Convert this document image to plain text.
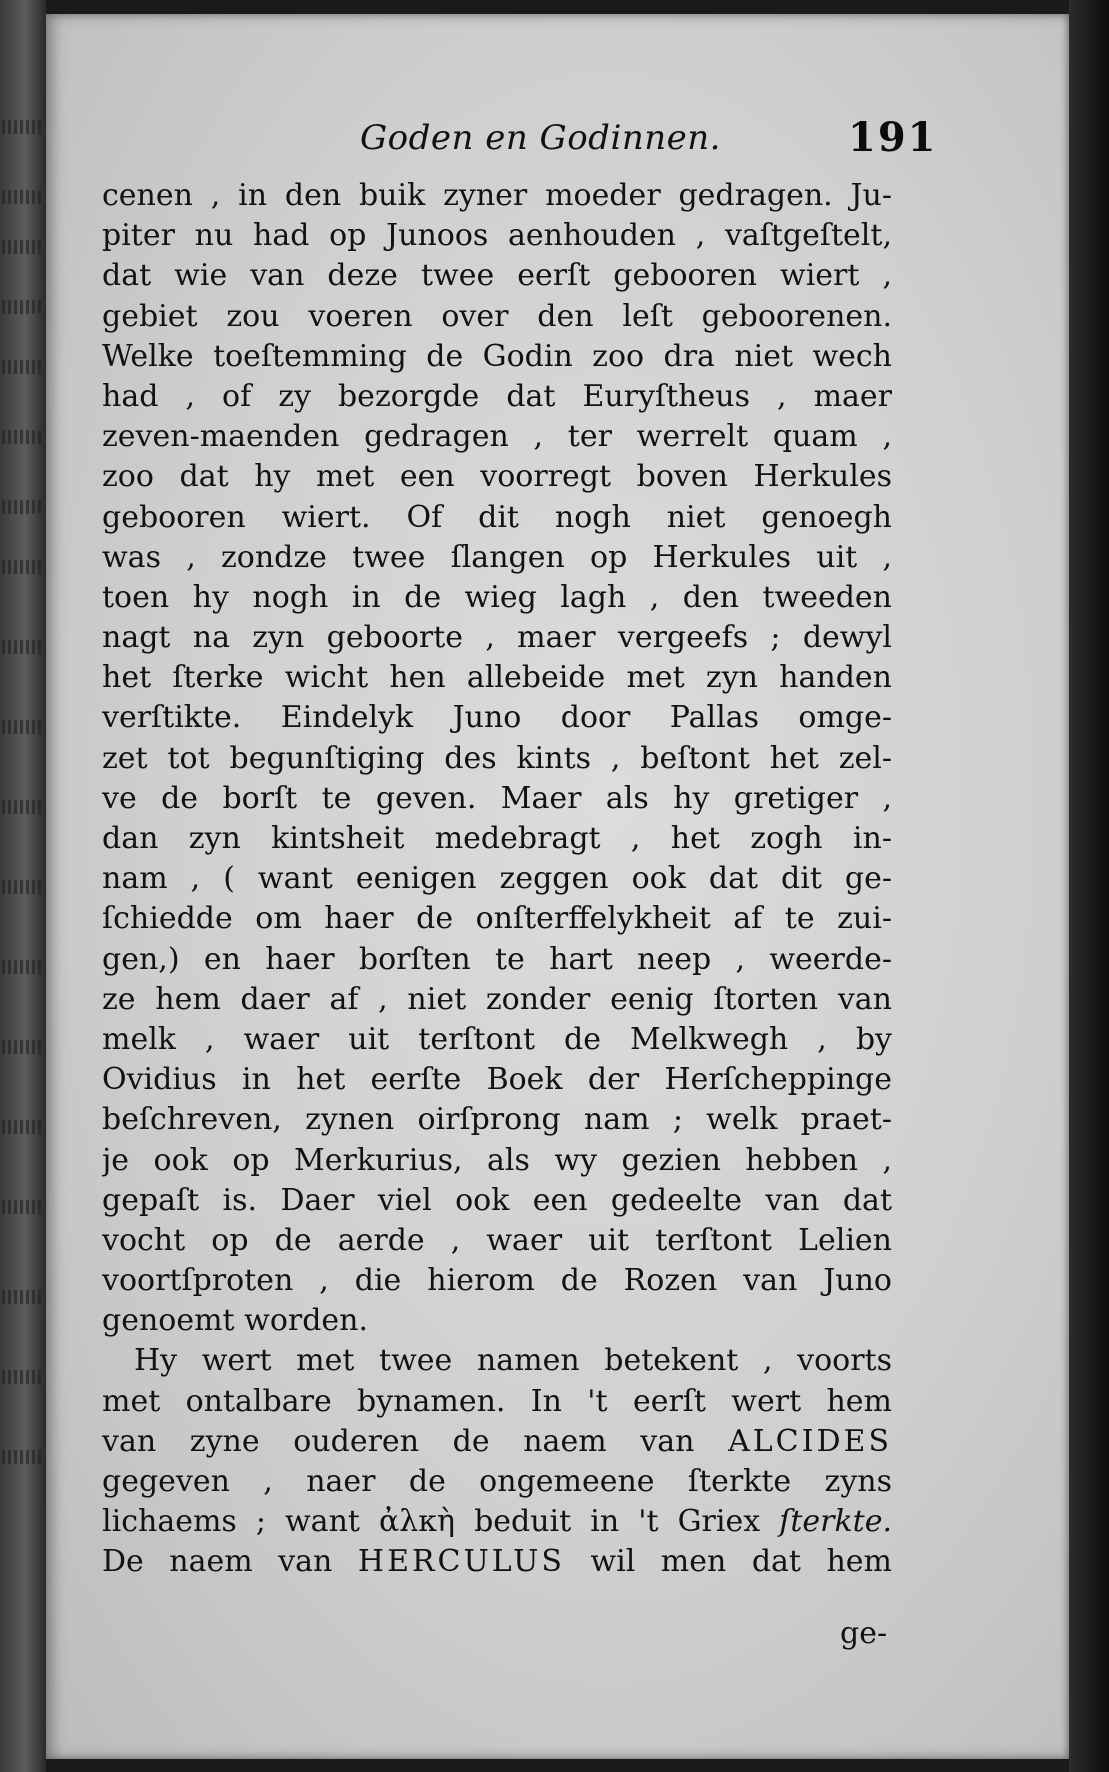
Goden en Godinnen.	191
cenen , in den buik zyner moeder gedragen. Ju-
piter nu had op Junoos aenhouden , vaſtgeſtelt,
dat wie van deze twee eerſt gebooren wiert ,
gebiet zou voeren over den leſt geboorenen.
Welke toeſtemming de Godin zoo dra niet wech
had , of zy bezorgde dat Euryſtheus , maer
zeven-maenden gedragen , ter werrelt quam ,
zoo dat hy met een voorregt boven Herkules
gebooren wiert. Of dit nogh niet genoegh
was , zondze twee ſlangen op Herkules uit ,
toen hy nogh in de wieg lagh , den tweeden
nagt na zyn geboorte , maer vergeefs ; dewyl
het ſterke wicht hen allebeide met zyn handen
verſtikte. Eindelyk Juno door Pallas omge-
zet tot begunſtiging des kints , beſtont het zel-
ve de borſt te geven. Maer als hy gretiger ,
dan zyn kintsheit medebragt , het zogh in-
nam , ( want eenigen zeggen ook dat dit ge-
ſchiedde om haer de onſterffelykheit af te zui-
gen,) en haer borſten te hart neep , weerde-
ze hem daer af , niet zonder eenig ſtorten van
melk , waer uit terſtont de Melkwegh , by
Ovidius in het eerſte Boek der Herſcheppinge
beſchreven, zynen oirſprong nam ; welk praet-
je ook op Merkurius, als wy gezien hebben ,
gepaſt is. Daer viel ook een gedeelte van dat
vocht op de aerde , waer uit terſtont Lelien
voortſproten , die hierom de Rozen van Juno
genoemt worden.
Hy wert met twee namen betekent , voorts
met ontalbare bynamen. In 't eerſt wert hem
van zyne ouderen de naem van ALCIDES
gegeven , naer de ongemeene ſterkte zyns
lichaems ; want ἀλκὴ beduit in 't Griex ſterkte.
De naem van HERCULUS wil men dat hem
ge-
